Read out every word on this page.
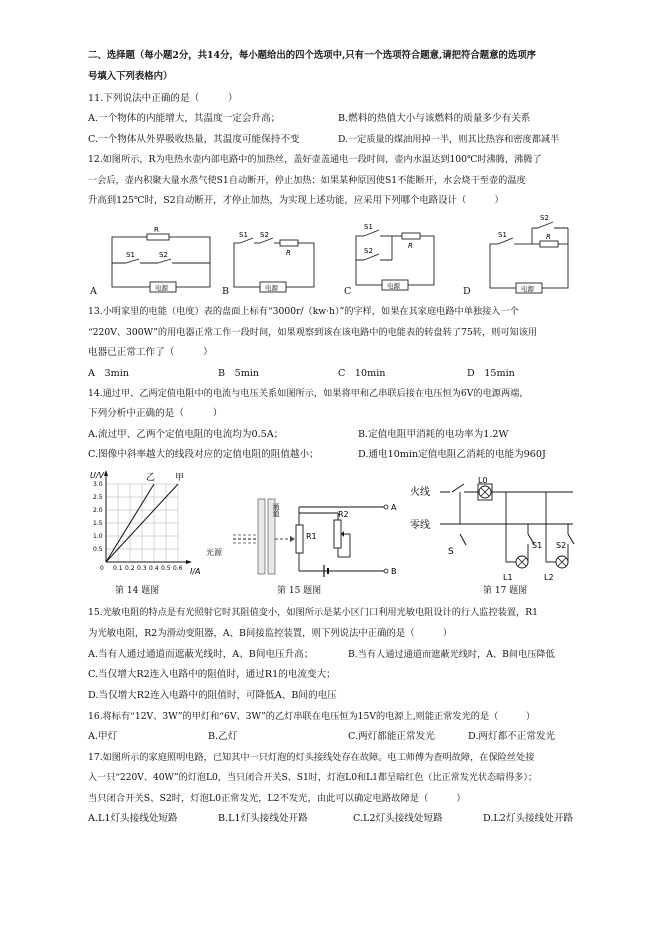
二、选择题（每小题2分，共14分，每小题给出的四个选项中,只有一个选项符合题意,请把符合题意的选项序
号填入下列表格内）
11.下列说法中正确的是（　　　）
A.一个物体的内能增大，其温度一定会升高；	B.燃料的热值大小与该燃料的质量多少有关系
C.一个物体从外界吸收热量，其温度可能保持不变	D.一定质量的煤油用掉一半，则其比热容和密度都减半
12.如图所示，R为电热水壶内部电路中的加热丝，盖好壶盖通电一段时间，壶内水温达到100℃时沸腾，沸腾了
一会后，壶内积聚大量水蒸气使S1自动断开，停止加热；如果某种原因使S1不能断开，水会烧干至壶的温度
升高到125℃时，S2自动断开，才停止加热，为实现上述功能，应采用下列哪个电路设计（　　　）
R
S1	S2
电源
A
S1 S2
R
电源
B
S1
S2
R
电源
C
S2
S1	R
电源
D
13.小明家里的电能（电度）表的盘面上标有“3000r/（kw·h）”的字样，如果在其家庭电路中单独接入一个
“220V、300W”的用电器正常工作一段时间，如果观察到该在该电路中的电能表的转盘转了75转，则可知该用
电器已正常工作了（　　　）
A　3min	B　5min	C　10min	D　15min
14.通过甲、乙两定值电阻中的电流与电压关系如图所示，如果将甲和乙串联后接在电压恒为6V的电源两端，
下列分析中正确的是（　　　）
A.流过甲、乙两个定值电阻的电流均为0.5A；	B.定值电阻甲消耗的电功率为1.2W
C.图像中斜率越大的线段对应的定值电阻的阻值越小；	D.通电10min定值电阻乙消耗的电能为960J
U/V
I/A
乙 甲
3.0
2.5
2.0
1.5
1.0
0.5
0 0.1 0.2 0.3 0.4 0.5 0.6
第 14 题图
通道
R1
R2
A
B
光源
第 15 题图
火线
零线
L0
S
S1 S2
L1	L2
第 17 题图
15.光敏电阻的特点是有光照射它时其阻值变小，如图所示是某小区门口利用光敏电阻设计的行人监控装置，R1
为光敏电阻，R2为滑动变阻器，A、B间接监控装置，则下列说法中正确的是（　　　）
A.当有人通过通道而遮蔽光线时，A、B间电压升高；	B.当有人通过通道而遮蔽光线时，A、B间电压降低
C.当仅增大R2连入电路中的阻值时，通过R1的电流变大；
D.当仅增大R2连入电路中的阻值时，可降低A、B间的电压
16.将标有“12V、3W”的甲灯和“6V、3W”的乙灯串联在电压恒为15V的电源上,则能正常发光的是（　　　）
A.甲灯	B.乙灯	C.两灯都能正常发光	D.两灯都不正常发光
17.如图所示的家庭照明电路，已知其中一只灯泡的灯头接线处存在故障。电工师傅为查明故障，在保险丝处接
入一只“220V、40W”的灯泡L0，当只闭合开关S、S1时，灯泡L0和L1都呈暗红色（比正常发光状态暗得多）；
当只闭合开关S、S2时，灯泡L0正常发光，L2不发光，由此可以确定电路故障是（　　　）
A.L1灯头接线处短路	B.L1灯头接线处开路	C.L2灯头接线处短路	D.L2灯头接线处开路
